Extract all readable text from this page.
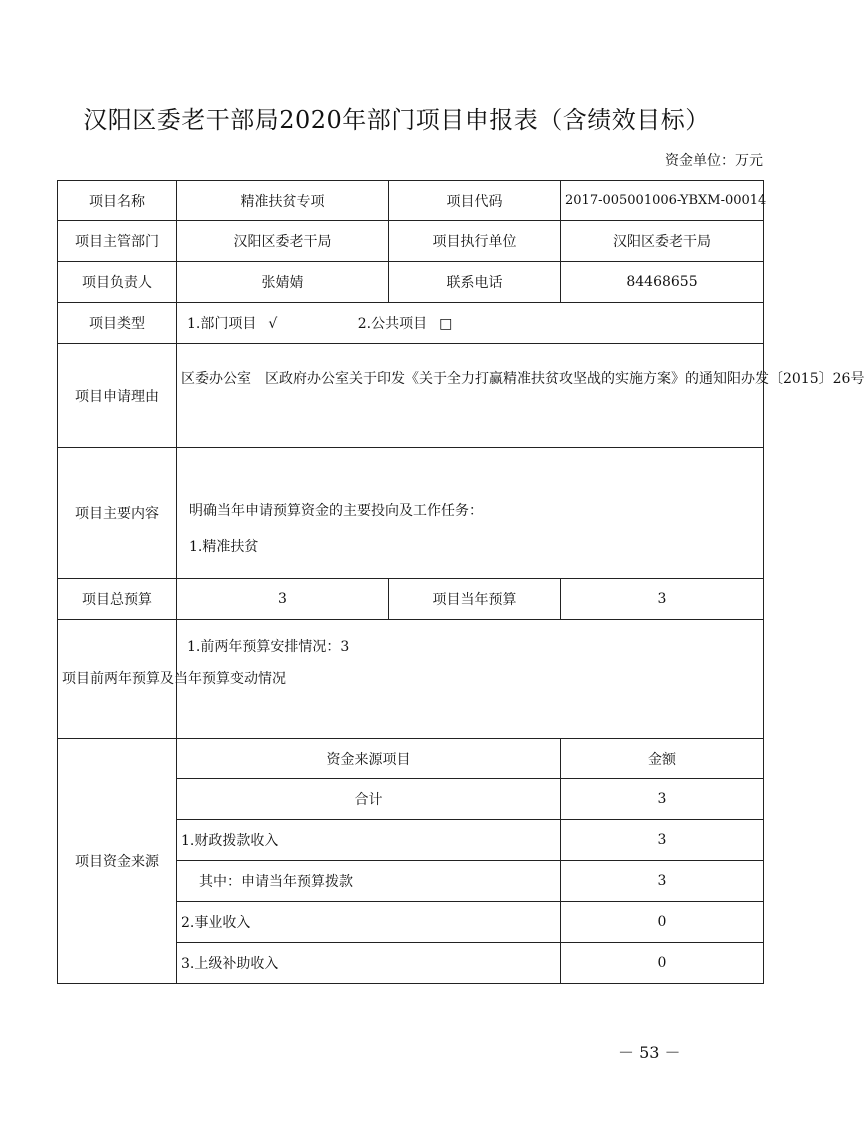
汉阳区委老干部局2020年部门项目申报表（含绩效目标）
资金单位：万元
项目名称	精准扶贫专项	项目代码	2017-005001006-YBXM-00014
项目主管部门	汉阳区委老干局	项目执行单位	汉阳区委老干局
项目负责人	张婧婧	联系电话	84468655
项目类型	1.部门项目 √ 2.公共项目 □		
项目申请理由	区委办公室　区政府办公室关于印发《关于全力打赢精准扶贫攻坚战的实施方案》的通知阳办发〔2015〕26号		

项目主要内容	明确当年申请预算资金的主要投向及工作任务：
1.精准扶贫		

项目总预算	3	项目当年预算	3
项目前两年预算及当年预算变动情况	1.前两年预算安排情况：3		
项目资金来源	资金来源项目		金额
	合计		3
	1.财政拨款收入		3
	　其中：申请当年预算拨款		3
	2.事业收入		0
	3.上级补助收入		0
－ 53 －
